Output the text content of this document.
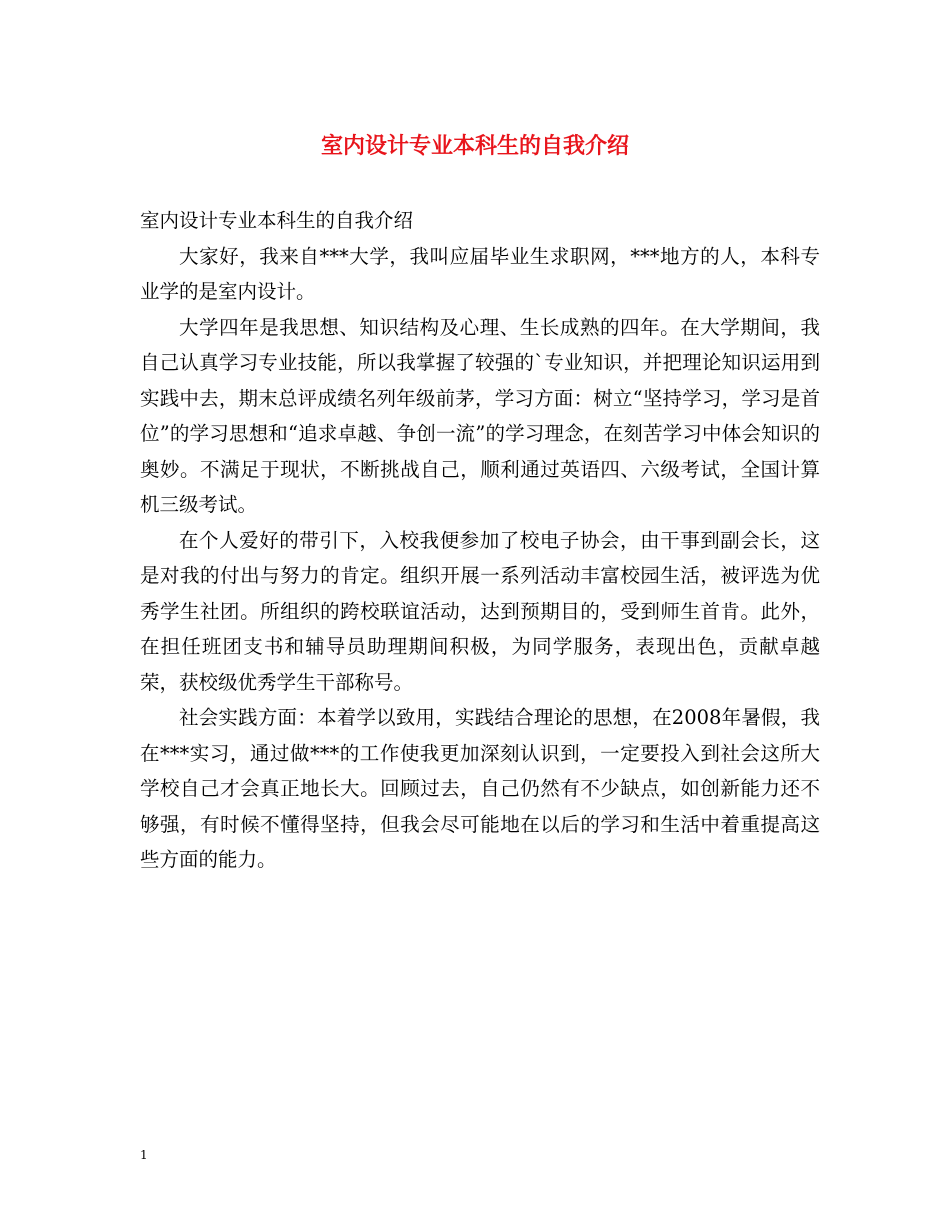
室内设计专业本科生的自我介绍

室内设计专业本科生的自我介绍

大家好，我来自***大学，我叫应届毕业生求职网，***地方的人，本科专业学的是室内设计。

大学四年是我思想、知识结构及心理、生长成熟的四年。在大学期间，我自己认真学习专业技能，所以我掌握了较强的`专业知识，并把理论知识运用到实践中去，期末总评成绩名列年级前茅，学习方面：树立“坚持学习，学习是首位”的学习思想和“追求卓越、争创一流”的学习理念，在刻苦学习中体会知识的奥妙。不满足于现状，不断挑战自己，顺利通过英语四、六级考试，全国计算机三级考试。

在个人爱好的带引下，入校我便参加了校电子协会，由干事到副会长，这是对我的付出与努力的肯定。组织开展一系列活动丰富校园生活，被评选为优秀学生社团。所组织的跨校联谊活动，达到预期目的，受到师生首肯。此外，在担任班团支书和辅导员助理期间积极，为同学服务，表现出色，贡献卓越荣，获校级优秀学生干部称号。

社会实践方面：本着学以致用，实践结合理论的思想，在2008年暑假，我在***实习，通过做***的工作使我更加深刻认识到，一定要投入到社会这所大学校自己才会真正地长大。回顾过去，自己仍然有不少缺点，如创新能力还不够强，有时候不懂得坚持，但我会尽可能地在以后的学习和生活中着重提高这些方面的能力。

1
